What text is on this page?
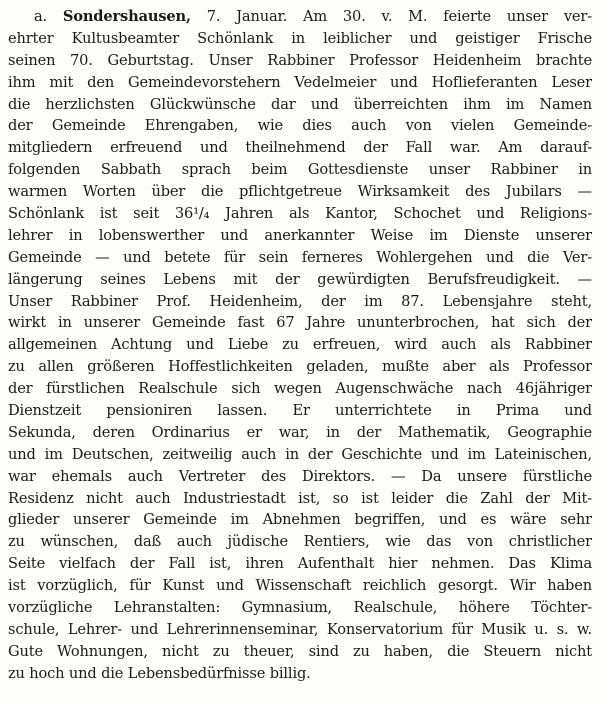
a. Sondershausen, 7. Januar. Am 30. v. M. feierte unser ver-
ehrter Kultusbeamter Schönlank in leiblicher und geistiger Frische
seinen 70. Geburtstag. Unser Rabbiner Professor Heidenheim brachte
ihm mit den Gemeindevorstehern Vedelmeier und Hoflieferanten Leser
die herzlichsten Glückwünsche dar und überreichten ihm im Namen
der Gemeinde Ehrengaben, wie dies auch von vielen Gemeinde-
mitgliedern erfreuend und theilnehmend der Fall war. Am darauf-
folgenden Sabbath sprach beim Gottesdienste unser Rabbiner in
warmen Worten über die pflichtgetreue Wirksamkeit des Jubilars —
Schönlank ist seit 36¹/₄ Jahren als Kantor, Schochet und Religions-
lehrer in lobenswerther und anerkannter Weise im Dienste unserer
Gemeinde — und betete für sein ferneres Wohlergehen und die Ver-
längerung seines Lebens mit der gewürdigten Berufsfreudigkeit. —
Unser Rabbiner Prof. Heidenheim, der im 87. Lebensjahre steht,
wirkt in unserer Gemeinde fast 67 Jahre ununterbrochen, hat sich der
allgemeinen Achtung und Liebe zu erfreuen, wird auch als Rabbiner
zu allen größeren Hoffestlichkeiten geladen, mußte aber als Professor
der fürstlichen Realschule sich wegen Augenschwäche nach 46jähriger
Dienstzeit pensioniren lassen. Er unterrichtete in Prima und
Sekunda, deren Ordinarius er war, in der Mathematik, Geographie
und im Deutschen, zeitweilig auch in der Geschichte und im Lateinischen,
war ehemals auch Vertreter des Direktors. — Da unsere fürstliche
Residenz nicht auch Industriestadt ist, so ist leider die Zahl der Mit-
glieder unserer Gemeinde im Abnehmen begriffen, und es wäre sehr
zu wünschen, daß auch jüdische Rentiers, wie das von christlicher
Seite vielfach der Fall ist, ihren Aufenthalt hier nehmen. Das Klima
ist vorzüglich, für Kunst und Wissenschaft reichlich gesorgt. Wir haben
vorzügliche Lehranstalten: Gymnasium, Realschule, höhere Töchter-
schule, Lehrer- und Lehrerinnenseminar, Konservatorium für Musik u. s. w.
Gute Wohnungen, nicht zu theuer, sind zu haben, die Steuern nicht
zu hoch und die Lebensbedürfnisse billig.
